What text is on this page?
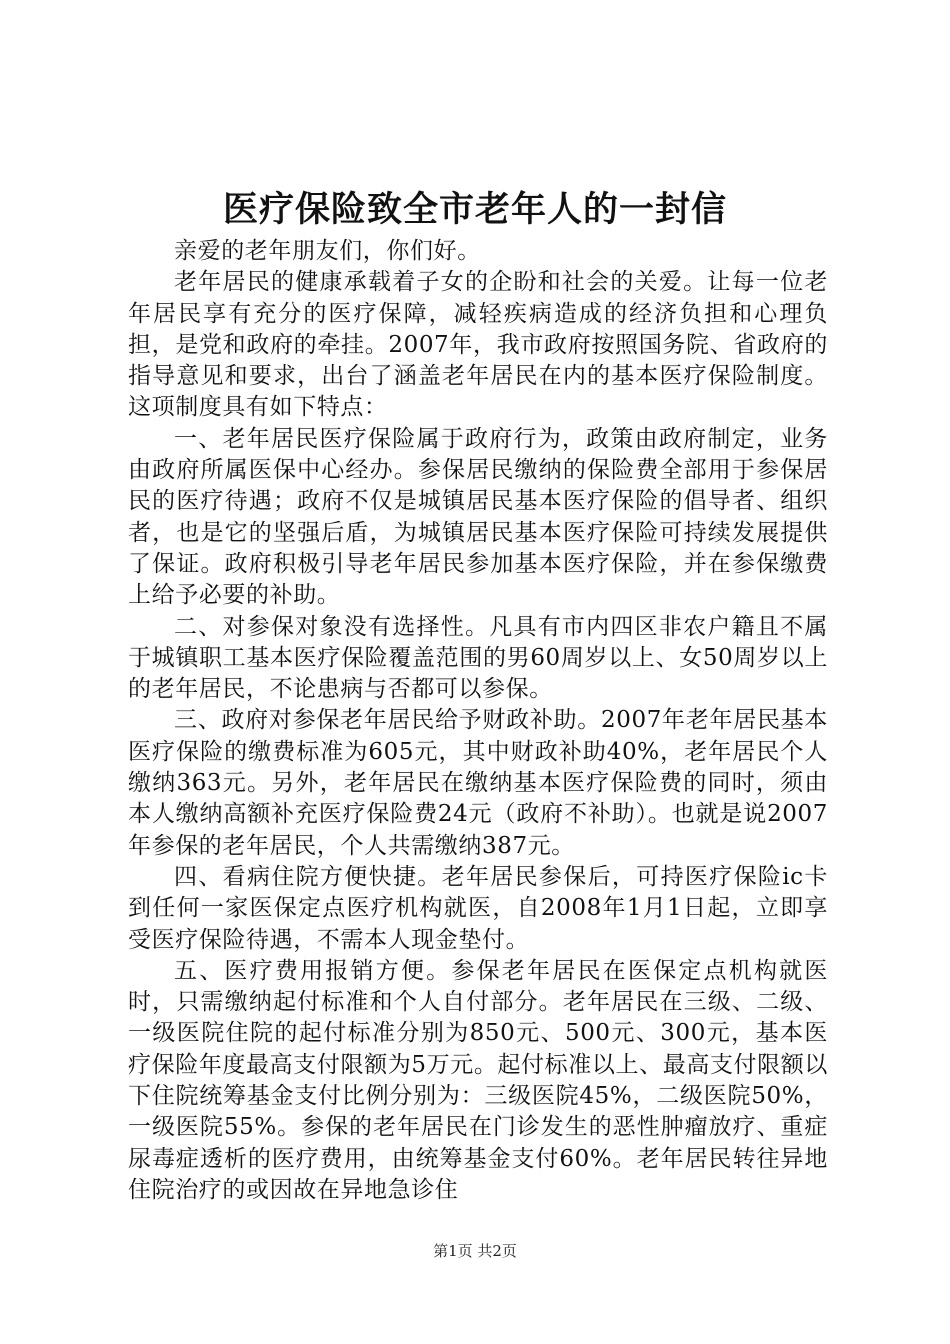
医疗保险致全市老年人的一封信

亲爱的老年朋友们，你们好。

老年居民的健康承载着子女的企盼和社会的关爱。让每一位老年居民享有充分的医疗保障，减轻疾病造成的经济负担和心理负担，是党和政府的牵挂。2007年，我市政府按照国务院、省政府的指导意见和要求，出台了涵盖老年居民在内的基本医疗保险制度。这项制度具有如下特点：

一、老年居民医疗保险属于政府行为，政策由政府制定，业务由政府所属医保中心经办。参保居民缴纳的保险费全部用于参保居民的医疗待遇；政府不仅是城镇居民基本医疗保险的倡导者、组织者，也是它的坚强后盾，为城镇居民基本医疗保险可持续发展提供了保证。政府积极引导老年居民参加基本医疗保险，并在参保缴费上给予必要的补助。

二、对参保对象没有选择性。凡具有市内四区非农户籍且不属于城镇职工基本医疗保险覆盖范围的男60周岁以上、女50周岁以上的老年居民，不论患病与否都可以参保。

三、政府对参保老年居民给予财政补助。2007年老年居民基本医疗保险的缴费标准为605元，其中财政补助40%，老年居民个人缴纳363元。另外，老年居民在缴纳基本医疗保险费的同时，须由本人缴纳高额补充医疗保险费24元（政府不补助）。也就是说2007年参保的老年居民，个人共需缴纳387元。

四、看病住院方便快捷。老年居民参保后，可持医疗保险ic卡到任何一家医保定点医疗机构就医，自2008年1月1日起，立即享受医疗保险待遇，不需本人现金垫付。

五、医疗费用报销方便。参保老年居民在医保定点机构就医时，只需缴纳起付标准和个人自付部分。老年居民在三级、二级、一级医院住院的起付标准分别为850元、500元、300元，基本医疗保险年度最高支付限额为5万元。起付标准以上、最高支付限额以下住院统筹基金支付比例分别为：三级医院45%，二级医院50%，一级医院55%。参保的老年居民在门诊发生的恶性肿瘤放疗、重症尿毒症透析的医疗费用，由统筹基金支付60%。老年居民转往异地住院治疗的或因故在异地急诊住

第1页 共2页
